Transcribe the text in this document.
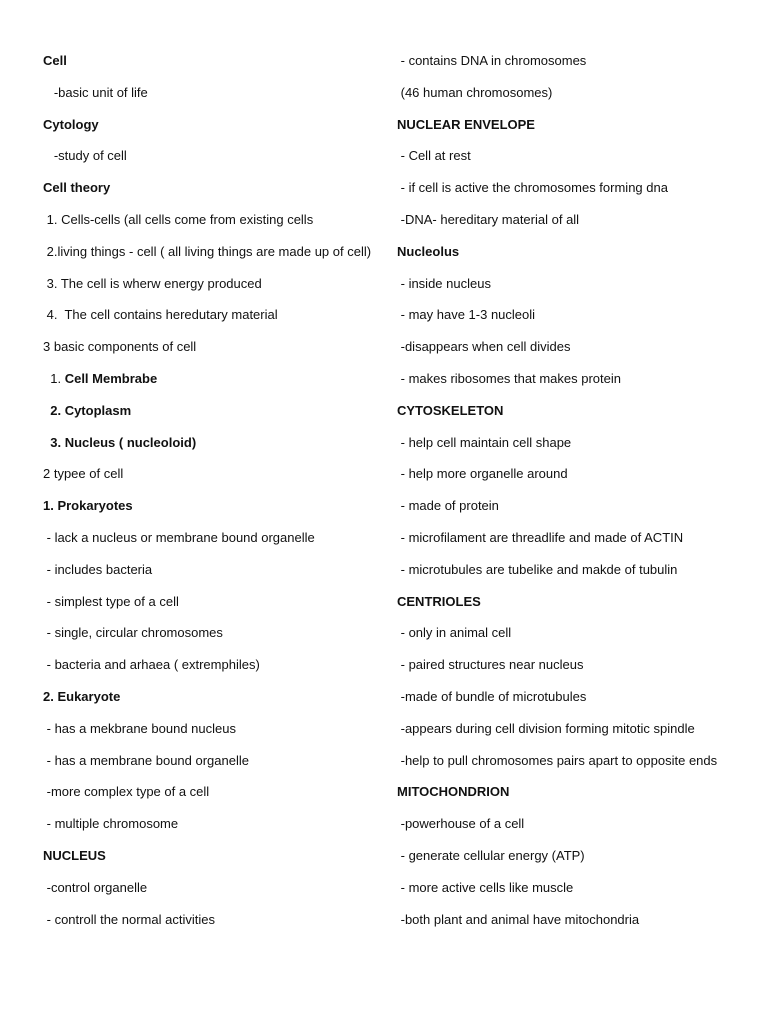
Cell

-basic unit of life

Cytology

-study of cell

Cell theory

1. Cells-cells (all cells come from existing cells

2.living things - cell ( all living things are made up of cell)

3. The cell is wherw energy produced

4.  The cell contains heredutary material

3 basic components of cell

1. Cell Membrabe

2. Cytoplasm

3. Nucleus ( nucleoloid)

2 typee of cell

1. Prokaryotes

- lack a nucleus or membrane bound organelle

- includes bacteria

- simplest type of a cell

- single, circular chromosomes

- bacteria and arhaea ( extremphiles)

2. Eukaryote

- has a mekbrane bound nucleus

- has a membrane bound organelle

-more complex type of a cell

- multiple chromosome

NUCLEUS

-control organelle

- controll the normal activities

- contains DNA in chromosomes

(46 human chromosomes)

NUCLEAR ENVELOPE

- Cell at rest

- if cell is active the chromosomes forming dna

-DNA- hereditary material of all

Nucleolus

- inside nucleus

- may have 1-3 nucleoli

-disappears when cell divides

- makes ribosomes that makes protein

CYTOSKELETON

- help cell maintain cell shape

- help more organelle around

- made of protein

- microfilament are threadlife and made of ACTIN

- microtubules are tubelike and makde of tubulin

CENTRIOLES

- only in animal cell

- paired structures near nucleus

-made of bundle of microtubules

-appears during cell division forming mitotic spindle

-help to pull chromosomes pairs apart to opposite ends

MITOCHONDRION

-powerhouse of a cell

- generate cellular energy (ATP)

- more active cells like muscle

-both plant and animal have mitochondria
